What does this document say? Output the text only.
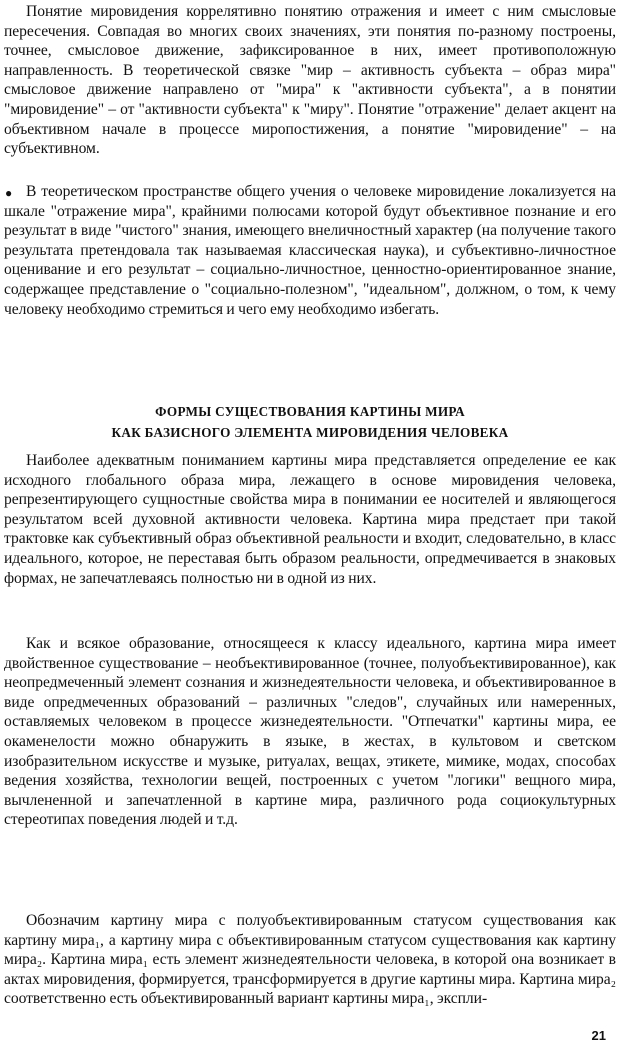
Понятие мировидения коррелятивно понятию отражения и имеет с ним смысловые пересечения. Совпадая во многих своих значениях, эти понятия по-разному построены, точнее, смысловое движение, зафиксированное в них, имеет противоположную направленность. В теоретической связке "мир – активность субъекта – образ мира" смысловое движение направлено от "мира" к "активности субъекта", а в понятии "мировидение" – от "активности субъекта" к "миру". Понятие "отражение" делает акцент на объективном начале в процессе миропостижения, а понятие "мировидение" – на субъективном.

● В теоретическом пространстве общего учения о человеке мировидение локализуется на шкале "отражение мира", крайними полюсами которой будут объективное познание и его результат в виде "чистого" знания, имеющего внеличностный характер (на получение такого результата претендовала так называемая классическая наука), и субъективно-личностное оценивание и его результат – социально-личностное, ценностно-ориентированное знание, содержащее представление о "социально-полезном", "идеальном", должном, о том, к чему человеку необходимо стремиться и чего ему необходимо избегать.

ФОРМЫ СУЩЕСТВОВАНИЯ КАРТИНЫ МИРА
КАК БАЗИСНОГО ЭЛЕМЕНТА МИРОВИДЕНИЯ ЧЕЛОВЕКА

Наиболее адекватным пониманием картины мира представляется определение ее как исходного глобального образа мира, лежащего в основе мировидения человека, репрезентирующего сущностные свойства мира в понимании ее носителей и являющегося результатом всей духовной активности человека. Картина мира предстает при такой трактовке как субъективный образ объективной реальности и входит, следовательно, в класс идеального, которое, не переставая быть образом реальности, опредмечивается в знаковых формах, не запечатлеваясь полностью ни в одной из них.

Как и всякое образование, относящееся к классу идеального, картина мира имеет двойственное существование – необъективированное (точнее, полуобъективированное), как неопредмеченный элемент сознания и жизнедеятельности человека, и объективированное в виде опредмеченных образований – различных "следов", случайных или намеренных, оставляемых человеком в процессе жизнедеятельности. "Отпечатки" картины мира, ее окаменелости можно обнаружить в языке, в жестах, в культовом и светском изобразительном искусстве и музыке, ритуалах, вещах, этикете, мимике, модах, способах ведения хозяйства, технологии вещей, построенных с учетом "логики" вещного мира, вычлененной и запечатленной в картине мира, различного рода социокультурных стереотипах поведения людей и т.д.

Обозначим картину мира с полуобъективированным статусом существования как картину мира₁, а картину мира с объективированным статусом существования как картину мира₂. Картина мира₁ есть элемент жизнедеятельности человека, в которой она возникает в актах мировидения, формируется, трансформируется в другие картины мира. Картина мира₂ соответственно есть объективированный вариант картины мира₁, экспли-

21
